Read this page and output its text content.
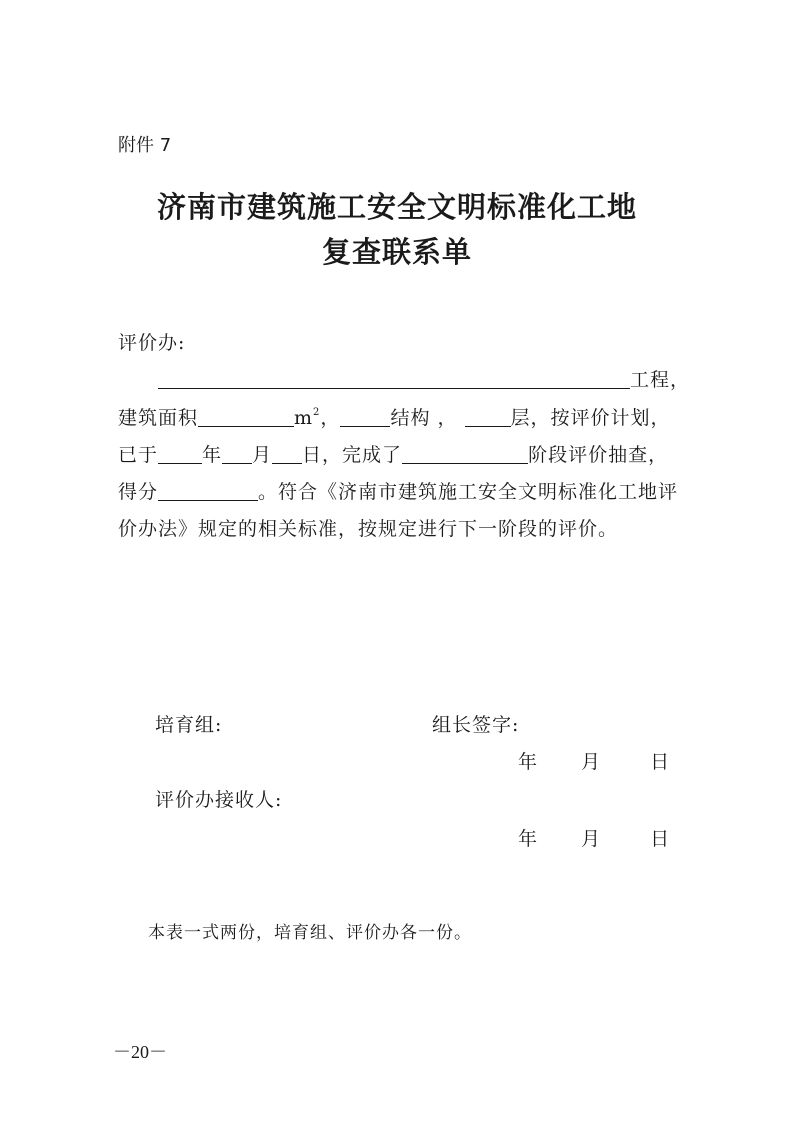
附件 7
济南市建筑施工安全文明标准化工地
复查联系单
评价办:
工程，
建筑面积	$m^2$，	结构 ，	层，按评价计划，
已于 年 月 日，完成了	阶段评价抽查，
得分	。符合《济南市建筑施工安全文明标准化工地评
价办法》规定的相关标准，按规定进行下一阶段的评价。
培育组:	组长签字:
年 月	日
评价办接收人:
年 月	日
本表一式两份，培育组、评价办各一份。
－20－
